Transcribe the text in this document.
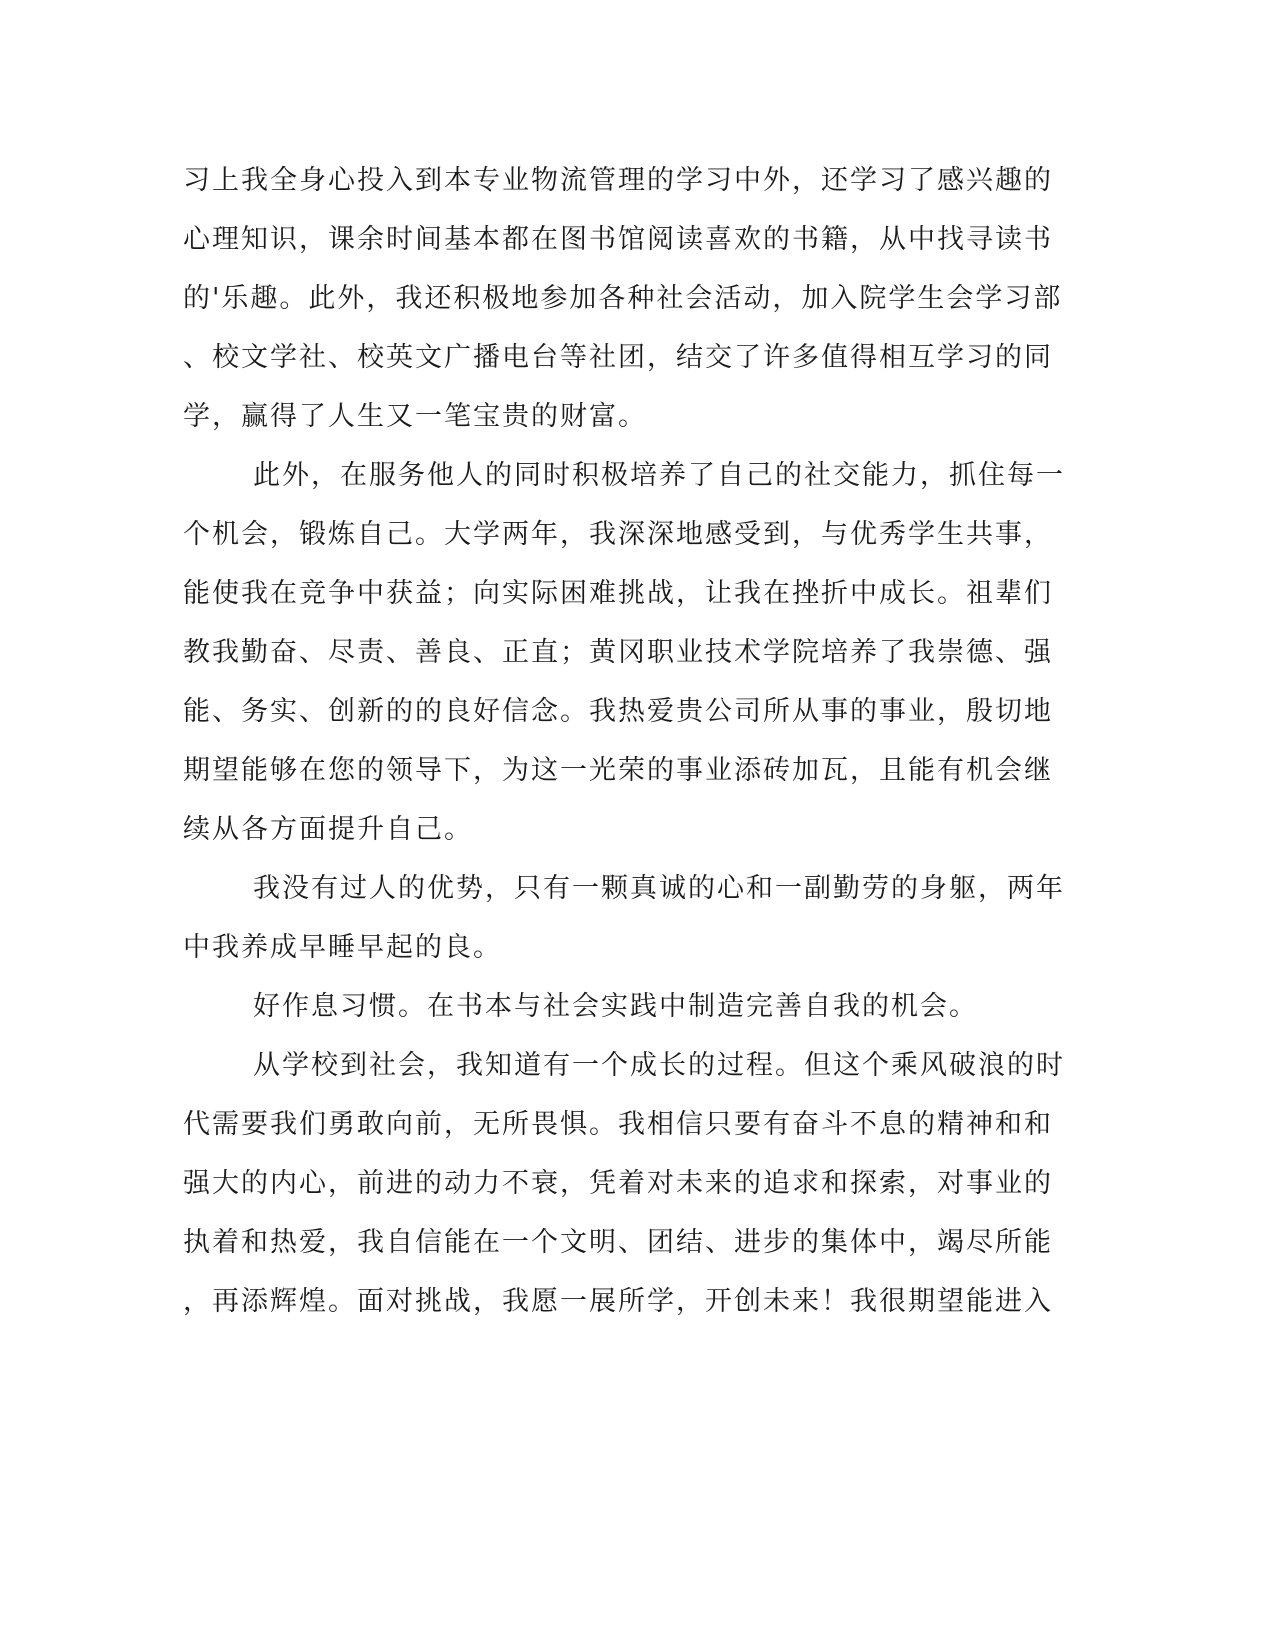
习上我全身心投入到本专业物流管理的学习中外，还学习了感兴趣的
心理知识，课余时间基本都在图书馆阅读喜欢的书籍，从中找寻读书
的'乐趣。此外，我还积极地参加各种社会活动，加入院学生会学习部
、校文学社、校英文广播电台等社团，结交了许多值得相互学习的同
学，赢得了人生又一笔宝贵的财富。
此外，在服务他人的同时积极培养了自己的社交能力，抓住每一
个机会，锻炼自己。大学两年，我深深地感受到，与优秀学生共事，
能使我在竞争中获益；向实际困难挑战，让我在挫折中成长。祖辈们
教我勤奋、尽责、善良、正直；黄冈职业技术学院培养了我崇德、强
能、务实、创新的的良好信念。我热爱贵公司所从事的事业，殷切地
期望能够在您的领导下，为这一光荣的事业添砖加瓦，且能有机会继
续从各方面提升自己。
我没有过人的优势，只有一颗真诚的心和一副勤劳的身躯，两年
中我养成早睡早起的良。
好作息习惯。在书本与社会实践中制造完善自我的机会。
从学校到社会，我知道有一个成长的过程。但这个乘风破浪的时
代需要我们勇敢向前，无所畏惧。我相信只要有奋斗不息的精神和和
强大的内心，前进的动力不衰，凭着对未来的追求和探索，对事业的
执着和热爱，我自信能在一个文明、团结、进步的集体中，竭尽所能
，再添辉煌。面对挑战，我愿一展所学，开创未来！我很期望能进入
